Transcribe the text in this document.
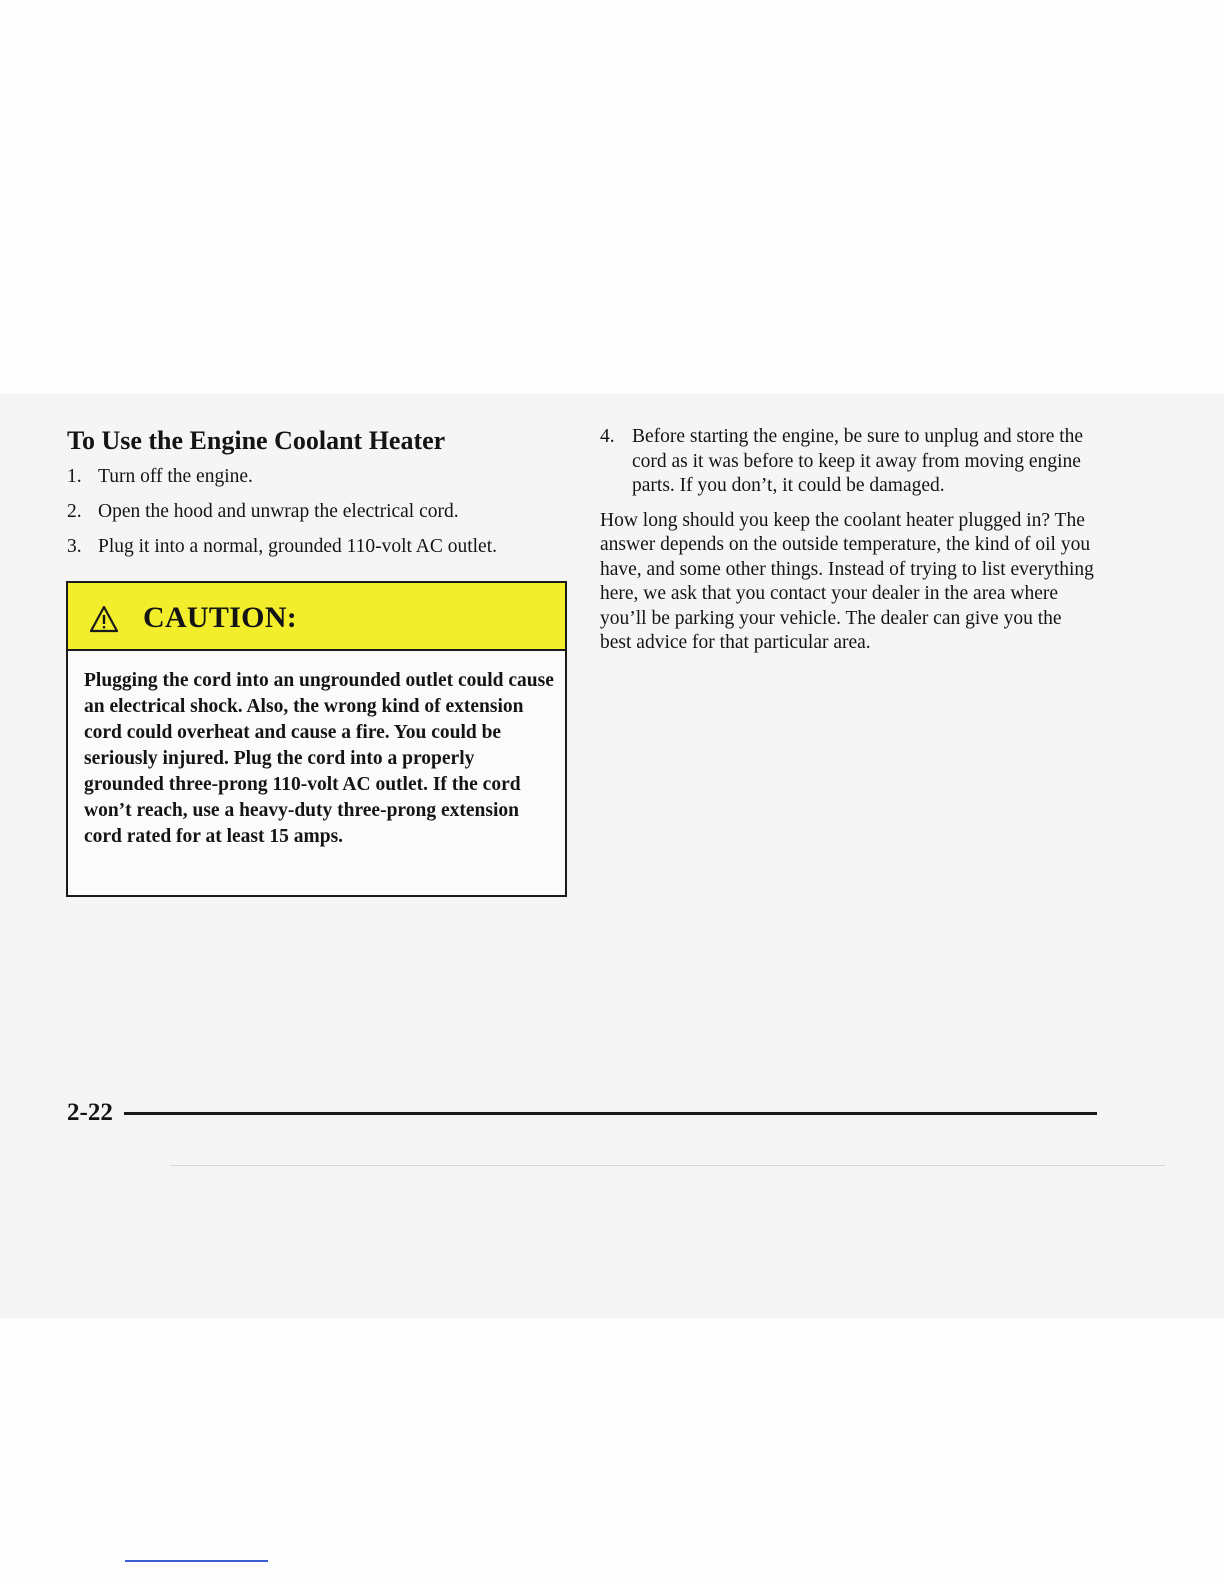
To Use the Engine Coolant Heater
1. Turn off the engine.
2. Open the hood and unwrap the electrical cord.
3. Plug it into a normal, grounded 110-volt AC outlet.
CAUTION:
Plugging the cord into an ungrounded outlet could cause an electrical shock. Also, the wrong kind of extension cord could overheat and cause a fire. You could be seriously injured. Plug the cord into a properly grounded three-prong 110-volt AC outlet. If the cord won’t reach, use a heavy-duty three-prong extension cord rated for at least 15 amps.
4. Before starting the engine, be sure to unplug and store the cord as it was before to keep it away from moving engine parts. If you don’t, it could be damaged.

How long should you keep the coolant heater plugged in? The answer depends on the outside temperature, the kind of oil you have, and some other things. Instead of trying to list everything here, we ask that you contact your dealer in the area where you’ll be parking your vehicle. The dealer can give you the best advice for that particular area.

2-22
